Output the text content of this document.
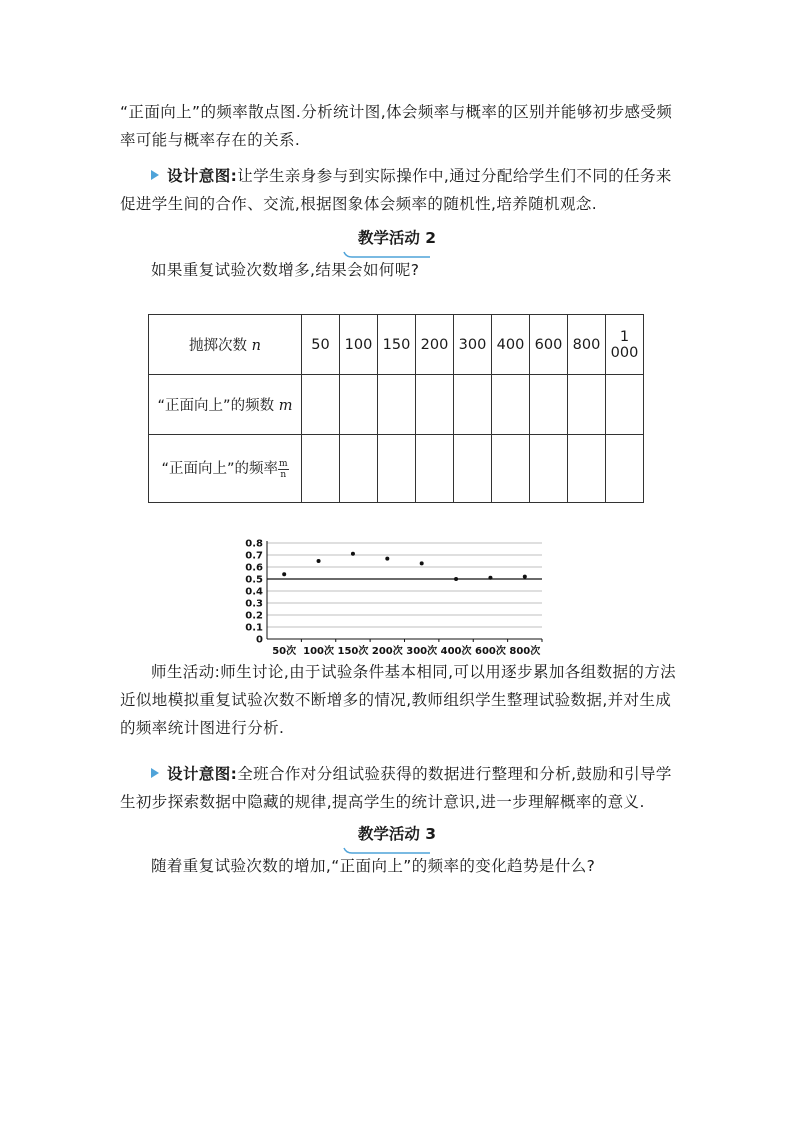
“正面向上”的频率散点图.分析统计图,体会频率与概率的区别并能够初步感受频率可能与概率存在的关系.

设计意图:让学生亲身参与到实际操作中,通过分配给学生们不同的任务来促进学生间的合作、交流,根据图象体会频率的随机性,培养随机观念.

教学活动 2

如果重复试验次数增多,结果会如何呢?

抛掷次数 n	50	100	150	200	300	400	600	800	1 000
“正面向上”的频数 m									
“正面向上”的频率 $\frac{m}{n}$

0
0.1
0.2
0.3
0.4
0.5
0.6
0.7
0.8
50次 100次 150次 200次 300次 400次 600次 800次

师生活动:师生讨论,由于试验条件基本相同,可以用逐步累加各组数据的方法近似地模拟重复试验次数不断增多的情况,教师组织学生整理试验数据,并对生成的频率统计图进行分析.

设计意图:全班合作对分组试验获得的数据进行整理和分析,鼓励和引导学生初步探索数据中隐藏的规律,提高学生的统计意识,进一步理解概率的意义.

教学活动 3

随着重复试验次数的增加,“正面向上”的频率的变化趋势是什么?
